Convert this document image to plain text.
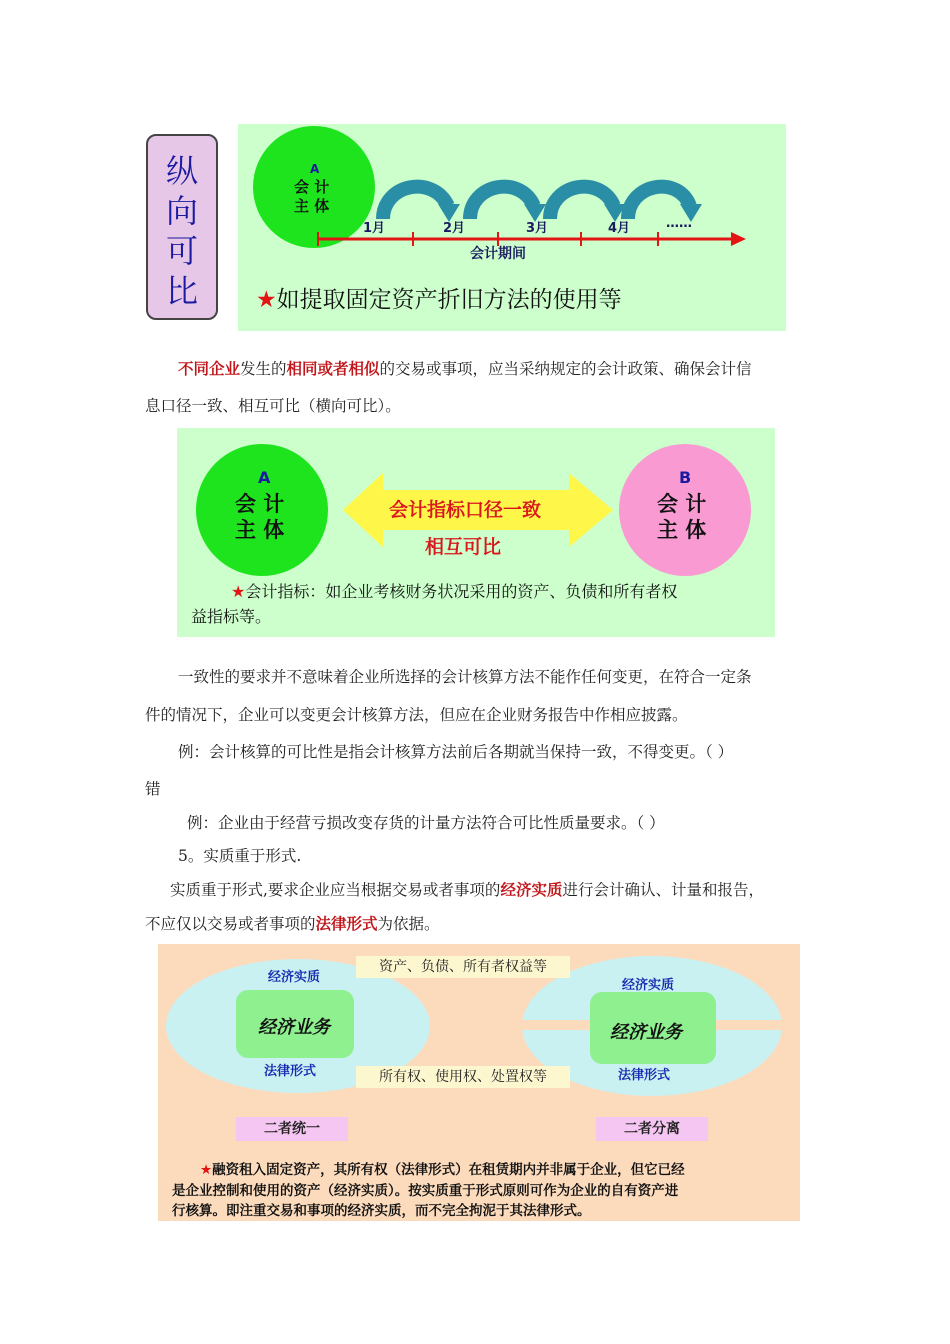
纵
向
可
比
A
会 计
主 体
1月	2月	3月	4月	……
会计期间
★如提取固定资产折旧方法的使用等
不同企业发生的相同或者相似的交易或事项，应当采纳规定的会计政策、确保会计信
息口径一致、相互可比（横向可比）。
A
会 计
主 体
B
会 计
主 体
会计指标口径一致
相互可比
★会计指标：如企业考核财务状况采用的资产、负债和所有者权
益指标等。
一致性的要求并不意味着企业所选择的会计核算方法不能作任何变更，在符合一定条
件的情况下，企业可以变更会计核算方法，但应在企业财务报告中作相应披露。
例：会计核算的可比性是指会计核算方法前后各期就当保持一致，不得变更。（ ）
错
例：企业由于经营亏损改变存货的计量方法符合可比性质量要求。（ ）
5。实质重于形式.
实质重于形式,要求企业应当根据交易或者事项的经济实质进行会计确认、计量和报告，
不应仅以交易或者事项的法律形式为依据。
经济实质
经济业务
法律形式
经济实质
经济业务
法律形式
资产、负债、所有者权益等
所有权、使用权、处置权等
二者统一	二者分离
★融资租入固定资产，其所有权（法律形式）在租赁期内并非属于企业，但它已经
是企业控制和使用的资产（经济实质）。按实质重于形式原则可作为企业的自有资产进
行核算。即注重交易和事项的经济实质，而不完全拘泥于其法律形式。
